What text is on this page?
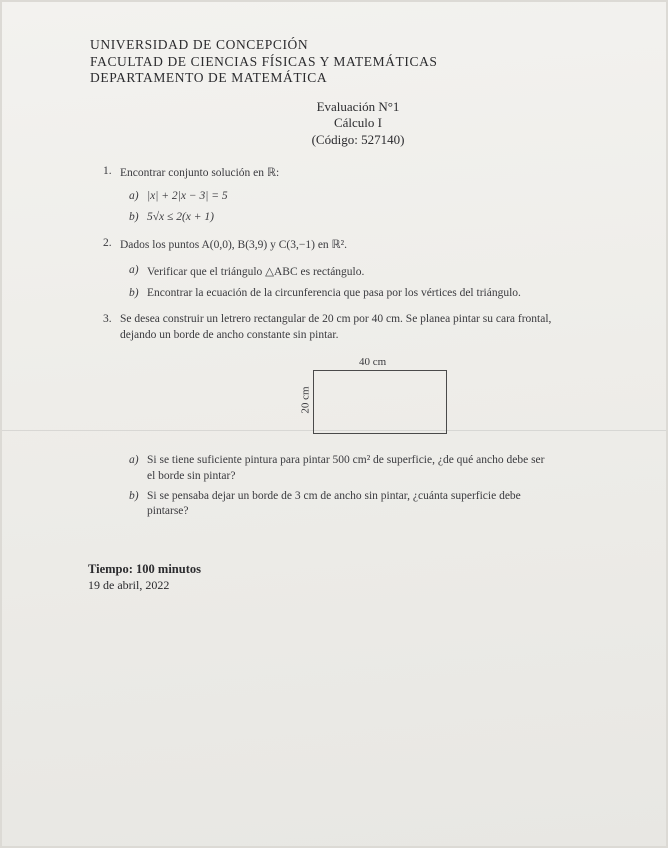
UNIVERSIDAD DE CONCEPCIÓN
FACULTAD DE CIENCIAS FÍSICAS Y MATEMÁTICAS
DEPARTAMENTO DE MATEMÁTICA
Evaluación N°1
Cálculo I
(Código: 527140)
1. Encontrar conjunto solución en ℝ:
a) |x| + 2|x − 3| = 5
b) 5√x ≤ 2(x + 1)
2. Dados los puntos A(0,0), B(3,9) y C(3,−1) en ℝ².
a) Verificar que el triángulo △ABC es rectángulo.
b) Encontrar la ecuación de la circunferencia que pasa por los vértices del triángulo.
3. Se desea construir un letrero rectangular de 20 cm por 40 cm. Se planea pintar su cara frontal,
dejando un borde de ancho constante sin pintar.
40 cm
20 cm
a) Si se tiene suficiente pintura para pintar 500 cm² de superficie, ¿de qué ancho debe ser
el borde sin pintar?
b) Si se pensaba dejar un borde de 3 cm de ancho sin pintar, ¿cuánta superficie debe
pintarse?
Tiempo: 100 minutos
19 de abril, 2022
